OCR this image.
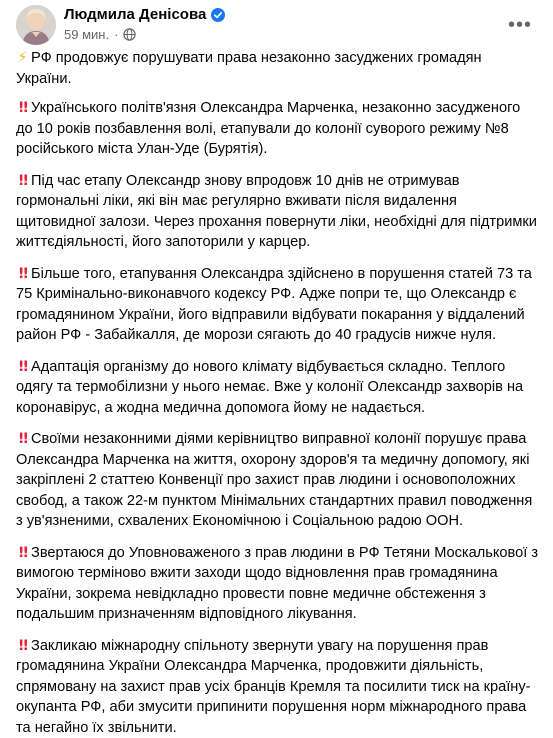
Людмила Денісова
59 мин. ·	•••

⚡ РФ продовжує порушувати права незаконно засуджених громадян України.

‼ Українського політв'язня Олександра Марченка, незаконно засудженого до 10 років позбавлення волі, етапували до колонії суворого режиму №8 російського міста Улан-Уде (Бурятія).

‼ Під час етапу Олександр знову впродовж 10 днів не отримував гормональні ліки, які він має регулярно вживати після видалення щитовидної залози. Через прохання повернути ліки, необхідні для підтримки життєдіяльності, його запоторили у карцер.

‼ Більше того, етапування Олександра здійснено в порушення статей 73 та 75 Кримінально-виконавчого кодексу РФ. Адже попри те, що Олександр є громадянином України, його відправили відбувати покарання у віддалений район РФ - Забайкалля, де морози сягають до 40 градусів нижче нуля.

‼ Адаптація організму до нового клімату відбувається складно. Теплого одягу та термобілизни у нього немає. Вже у колонії Олександр захворів на коронавірус, а жодна медична допомога йому не надається.

‼ Своїми незаконними діями керівництво виправної колонії порушує права Олександра Марченка на життя, охорону здоров'я та медичну допомогу, які закріплені 2 статтею Конвенції про захист прав людини і основоположних свобод, а також 22-м пунктом Мінімальних стандартних правил поводження з ув'язненими, схвалених Економічною і Соціальною радою ООН.

‼ Звертаюся до Уповноваженого з прав людини в РФ Тетяни Москалькової з вимогою терміново вжити заходи щодо відновлення прав громадянина України, зокрема невідкладно провести повне медичне обстеження з подальшим призначенням відповідного лікування.

‼ Закликаю міжнародну спільноту звернути увагу на порушення прав громадянина України Олександра Марченка, продовжити діяльність, спрямовану на захист прав усіх бранців Кремля та посилити тиск на країну-окупанта РФ, аби змусити припинити порушення норм міжнародного права та негайно їх звільнити.
